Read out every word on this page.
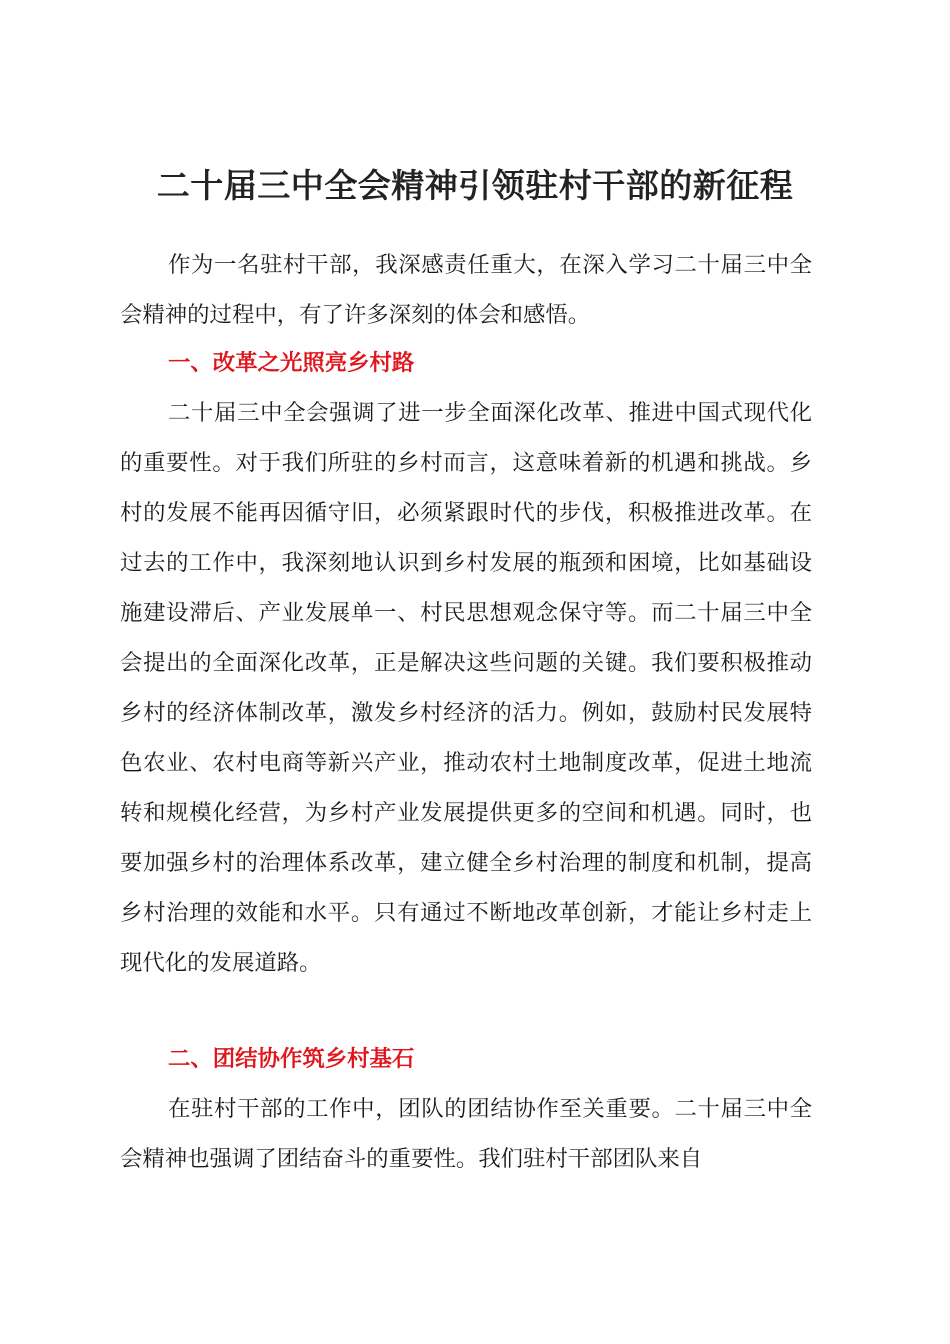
二十届三中全会精神引领驻村干部的新征程

作为一名驻村干部，我深感责任重大，在深入学习二十届三中全会精神的过程中，有了许多深刻的体会和感悟。

一、改革之光照亮乡村路

二十届三中全会强调了进一步全面深化改革、推进中国式现代化的重要性。对于我们所驻的乡村而言，这意味着新的机遇和挑战。乡村的发展不能再因循守旧，必须紧跟时代的步伐，积极推进改革。在过去的工作中，我深刻地认识到乡村发展的瓶颈和困境，比如基础设施建设滞后、产业发展单一、村民思想观念保守等。而二十届三中全会提出的全面深化改革，正是解决这些问题的关键。我们要积极推动乡村的经济体制改革，激发乡村经济的活力。例如，鼓励村民发展特色农业、农村电商等新兴产业，推动农村土地制度改革，促进土地流转和规模化经营，为乡村产业发展提供更多的空间和机遇。同时，也要加强乡村的治理体系改革，建立健全乡村治理的制度和机制，提高乡村治理的效能和水平。只有通过不断地改革创新，才能让乡村走上现代化的发展道路。

二、团结协作筑乡村基石

在驻村干部的工作中，团队的团结协作至关重要。二十届三中全会精神也强调了团结奋斗的重要性。我们驻村干部团队来自
